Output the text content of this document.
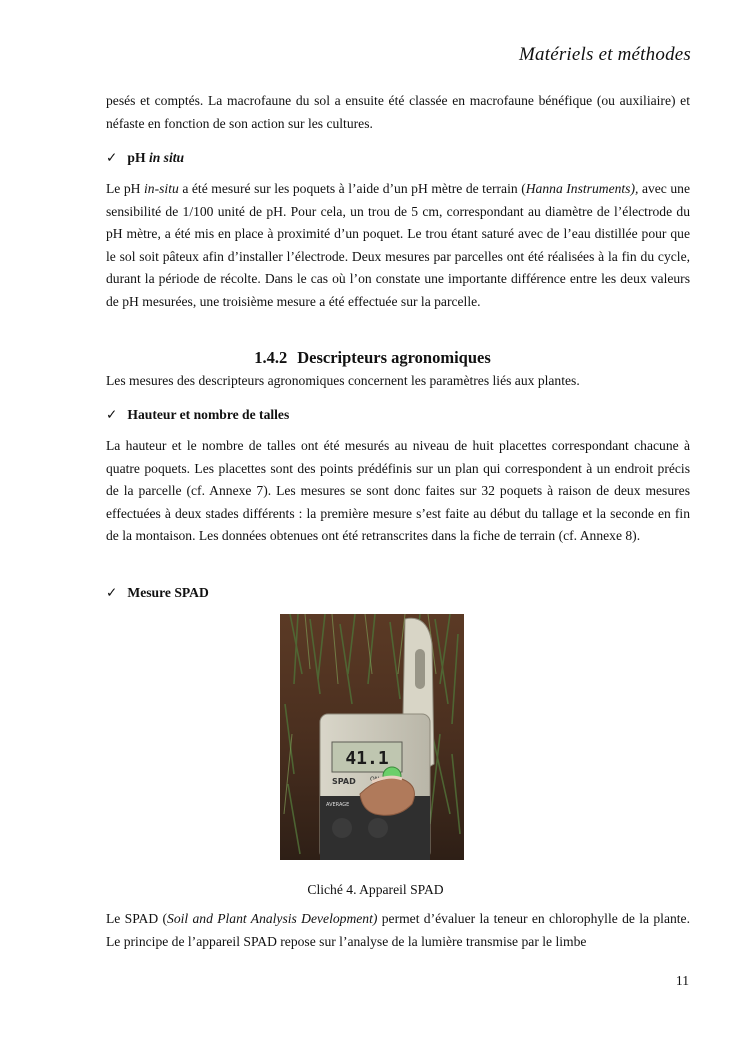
Matériels et méthodes

pesés et comptés. La macrofaune du sol a ensuite été classée en macrofaune bénéfique (ou auxiliaire) et néfaste en fonction de son action sur les cultures.

✓ pH in situ

Le pH in-situ a été mesuré sur les poquets à l’aide d’un pH mètre de terrain (Hanna Instruments), avec une sensibilité de 1/100 unité de pH. Pour cela, un trou de 5 cm, correspondant au diamètre de l’électrode du pH mètre, a été mis en place à proximité d’un poquet. Le trou étant saturé avec de l’eau distillée pour que le sol soit pâteux afin d’installer l’électrode. Deux mesures par parcelles ont été réalisées à la fin du cycle, durant la période de récolte. Dans le cas où l’on constate une importante différence entre les deux valeurs de pH mesurées, une troisième mesure a été effectuée sur la parcelle.

1.4.2 Descripteurs agronomiques

Les mesures des descripteurs agronomiques concernent les paramètres liés aux plantes.

✓ Hauteur et nombre de talles

La hauteur et le nombre de talles ont été mesurés au niveau de huit placettes correspondant chacune à quatre poquets. Les placettes sont des points prédéfinis sur un plan qui correspondent à un endroit précis de la parcelle (cf. Annexe 7). Les mesures se sont donc faites sur 32 poquets à raison de deux mesures effectuées à deux stades différents : la première mesure s’est faite au début du tallage et la seconde en fin de la montaison. Les données obtenues ont été retranscrites dans la fiche de terrain (cf. Annexe 8).

✓ Mesure SPAD
41.1
SPAD ON
AVERAGE
Cliché 4. Appareil SPAD

Le SPAD (Soil and Plant Analysis Development) permet d’évaluer la teneur en chlorophylle de la plante. Le principe de l’appareil SPAD repose sur l’analyse de la lumière transmise par le limbe

11
